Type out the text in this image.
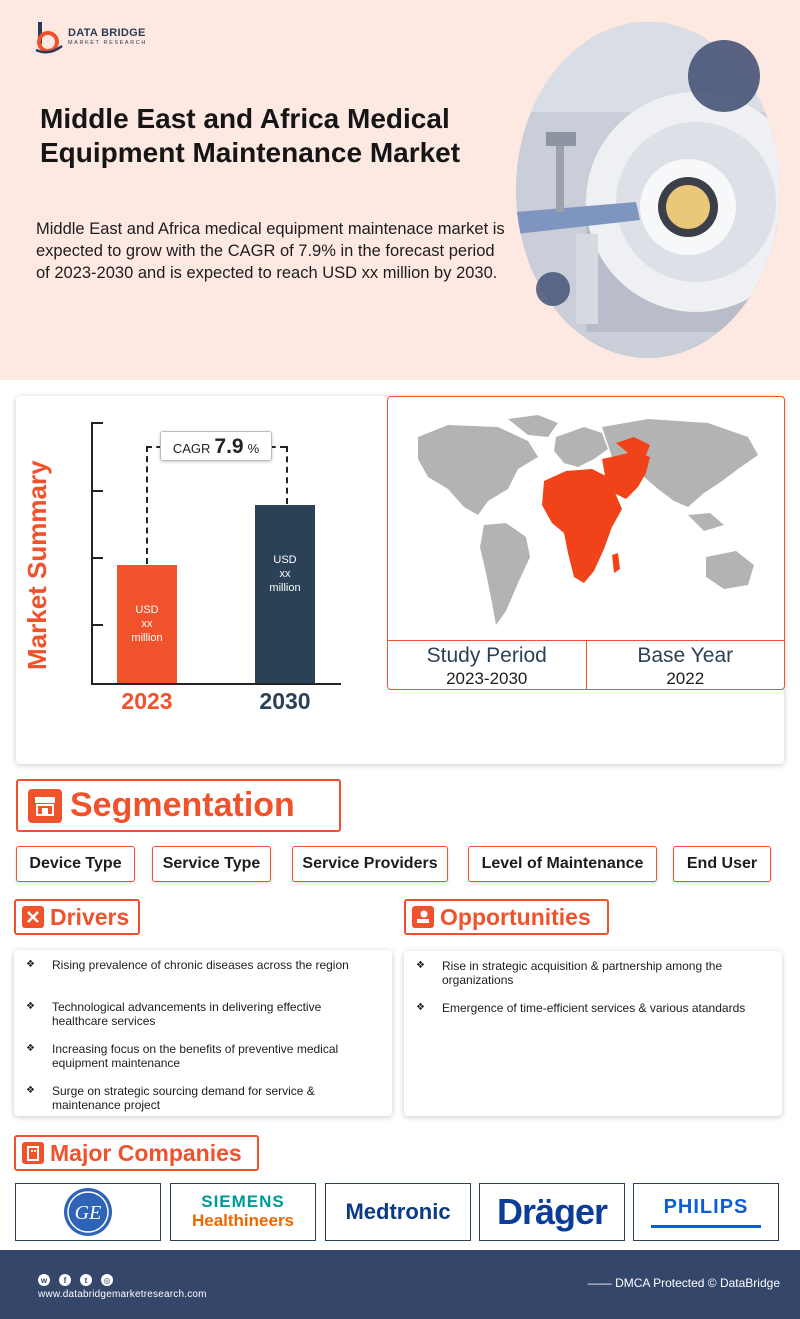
DATA BRIDGE
MARKET RESEARCH
Middle East and Africa Medical Equipment Maintenance Market
Middle East and Africa medical equipment maintenace market is expected to grow with the CAGR of 7.9% in the forecast period of 2023-2030 and is expected to reach USD xx million by 2030.
Market Summary
CAGR 7.9 %
USD
xx
million
USD
xx
million
2023	2030
Study Period
2023-2030
Base Year
2022
Segmentation
Device Type	Service Type	Service Providers	Level of Maintenance	End User
Drivers
❖	Rising prevalence of chronic diseases across the region
❖	Technological advancements in delivering effective healthcare services
❖	Increasing focus on the benefits of preventive medical equipment maintenance
❖	Surge on strategic sourcing demand for service & maintenance project
Opportunities
❖	Rise in strategic acquisition & partnership among the organizations
❖	Emergence of time-efficient services & various atandards
Major Companies
GE
SIEMENS
Healthineers Medtronic Dräger	PHILIPS
w	f	t	◎
www.databridgemarketresearch.com
—— DMCA Protected © DataBridge
